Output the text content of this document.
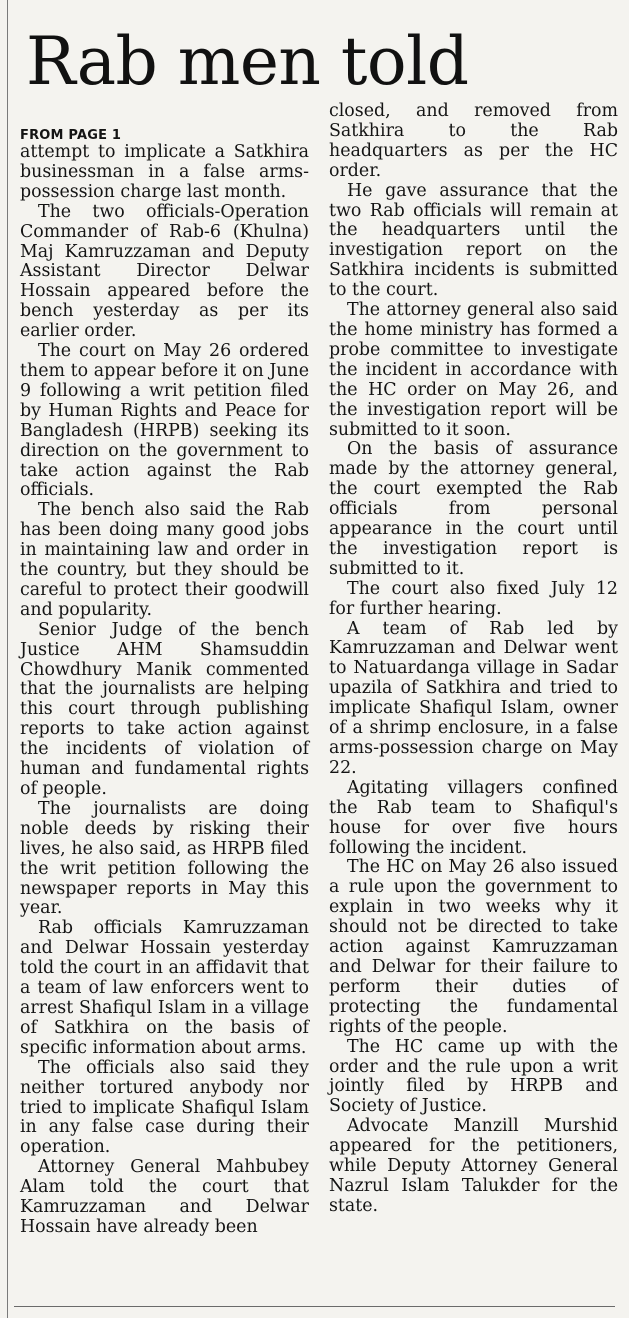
Rab men told
FROM PAGE 1

attempt to implicate a Satkhira businessman in a false arms-possession charge last month.

The two officials-Operation Commander of Rab-6 (Khulna) Maj Kamruzzaman and Deputy Assistant Director Delwar Hossain appeared before the bench yesterday as per its earlier order.

The court on May 26 ordered them to appear before it on June 9 following a writ petition filed by Human Rights and Peace for Bangladesh (HRPB) seeking its direction on the government to take action against the Rab officials.

The bench also said the Rab has been doing many good jobs in maintaining law and order in the country, but they should be careful to protect their goodwill and popularity.

Senior Judge of the bench Justice AHM Shamsuddin Chowdhury Manik commented that the journalists are helping this court through publishing reports to take action against the incidents of violation of human and fundamental rights of people.

The journalists are doing noble deeds by risking their lives, he also said, as HRPB filed the writ petition following the newspaper reports in May this year.

Rab officials Kamruzzaman and Delwar Hossain yesterday told the court in an affidavit that a team of law enforcers went to arrest Shafiqul Islam in a village of Satkhira on the basis of specific information about arms.

The officials also said they neither tortured anybody nor tried to implicate Shafiqul Islam in any false case during their operation.

Attorney General Mahbubey Alam told the court that Kamruzzaman and Delwar Hossain have already been

closed, and removed from Satkhira to the Rab headquarters as per the HC order.

He gave assurance that the two Rab officials will remain at the headquarters until the investigation report on the Satkhira incidents is submitted to the court.

The attorney general also said the home ministry has formed a probe committee to investigate the incident in accordance with the HC order on May 26, and the investigation report will be submitted to it soon.

On the basis of assurance made by the attorney general, the court exempted the Rab officials from personal appearance in the court until the investigation report is submitted to it.

The court also fixed July 12 for further hearing.

A team of Rab led by Kamruzzaman and Delwar went to Natuardanga village in Sadar upazila of Satkhira and tried to implicate Shafiqul Islam, owner of a shrimp enclosure, in a false arms-possession charge on May 22.

Agitating villagers confined the Rab team to Shafiqul's house for over five hours following the incident.

The HC on May 26 also issued a rule upon the government to explain in two weeks why it should not be directed to take action against Kamruzzaman and Delwar for their failure to perform their duties of protecting the fundamental rights of the people.

The HC came up with the order and the rule upon a writ jointly filed by HRPB and Society of Justice.

Advocate Manzill Murshid appeared for the petitioners, while Deputy Attorney General Nazrul Islam Talukder for the state.
